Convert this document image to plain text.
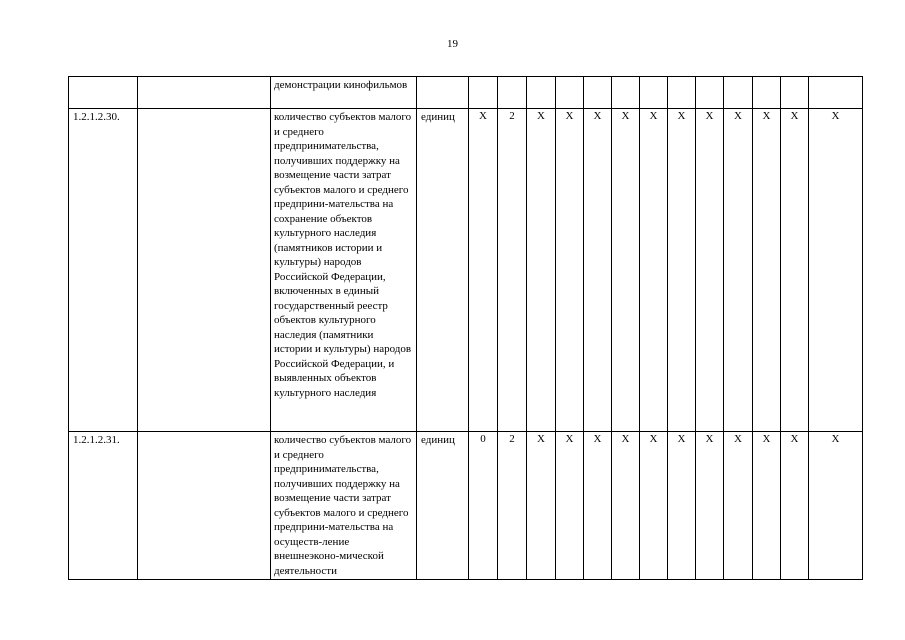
19
		демонстрации кинофильмов														
1.2.1.2.30.		количество субъектов малого и среднего предпринимательства, получивших поддержку на возмещение части затрат субъектов малого и среднего предприни-мательства на сохранение объектов культурного наследия (памятников истории и культуры) народов Российской Федерации, включенных в единый государственный реестр объектов культурного наследия (памятники истории и культуры) народов Российской Федерации, и выявленных объектов культурного наследия	единиц	Х	2	Х	Х	Х	Х	Х	Х	Х	Х	Х	Х	Х
1.2.1.2.31.		количество субъектов малого и среднего предпринимательства, получивших поддержку на возмещение части затрат субъектов малого и среднего предприни-мательства на осуществ-ление внешнеэконо-мической деятельности	единиц	0	2	Х	Х	Х	Х	Х	Х	Х	Х	Х	Х	Х
